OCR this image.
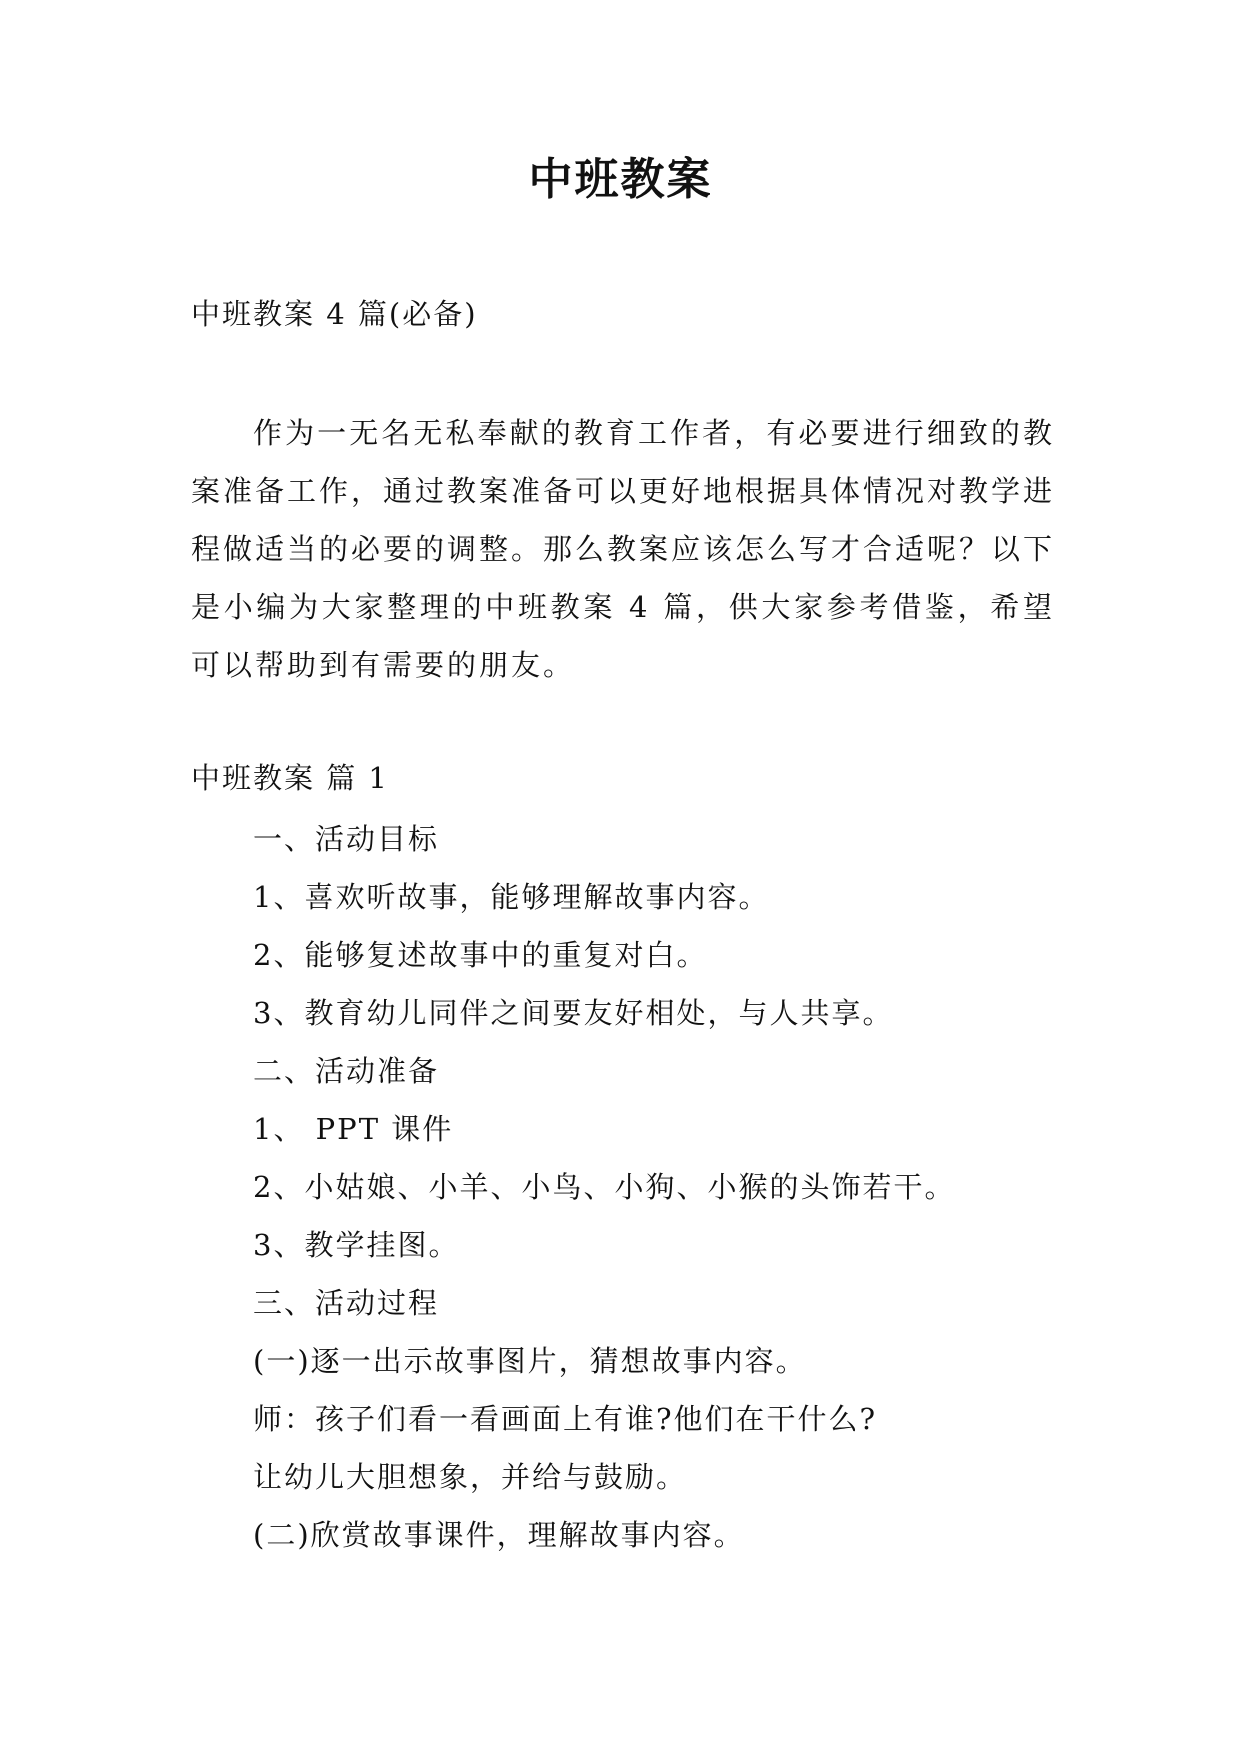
中班教案
中班教案 4 篇(必备)

作为一无名无私奉献的教育工作者，有必要进行细致的教案准备工作，通过教案准备可以更好地根据具体情况对教学进程做适当的必要的调整。那么教案应该怎么写才合适呢？以下是小编为大家整理的中班教案 4 篇，供大家参考借鉴，希望可以帮助到有需要的朋友。

中班教案 篇 1
一、活动目标
1、喜欢听故事，能够理解故事内容。
2、能够复述故事中的重复对白。
3、教育幼儿同伴之间要友好相处，与人共享。
二、活动准备
1、 PPT 课件
2、小姑娘、小羊、小鸟、小狗、小猴的头饰若干。
3、教学挂图。
三、活动过程
(一)逐一出示故事图片，猜想故事内容。
师：孩子们看一看画面上有谁?他们在干什么?
让幼儿大胆想象，并给与鼓励。
(二)欣赏故事课件，理解故事内容。
